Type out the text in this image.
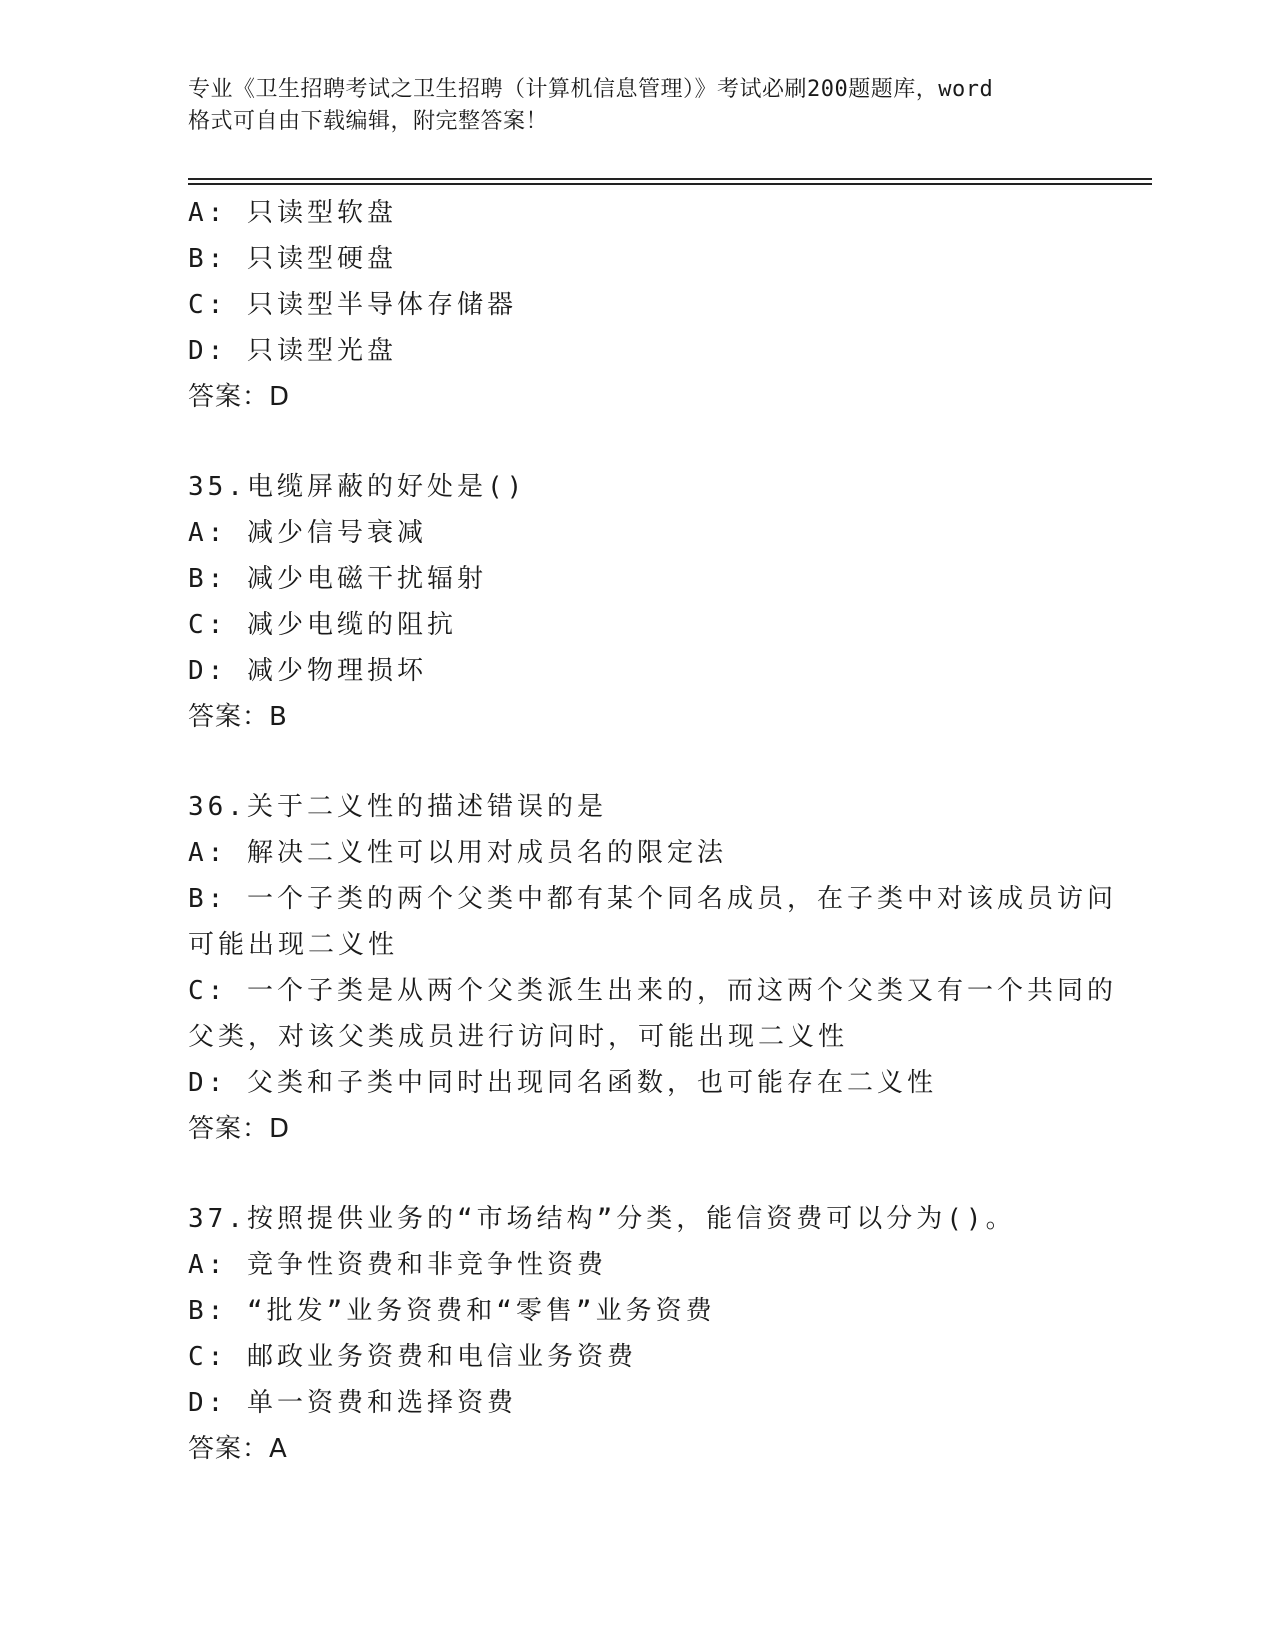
专业《卫生招聘考试之卫生招聘（计算机信息管理）》考试必刷200题题库，word
格式可自由下载编辑，附完整答案！
A: 只读型软盘
B: 只读型硬盘
C: 只读型半导体存储器
D: 只读型光盘
答案：D
35.电缆屏蔽的好处是()
A: 减少信号衰减
B: 减少电磁干扰辐射
C: 减少电缆的阻抗
D: 减少物理损坏
答案：B
36.关于二义性的描述错误的是
A: 解决二义性可以用对成员名的限定法
B: 一个子类的两个父类中都有某个同名成员，在子类中对该成员访问
可能出现二义性
C: 一个子类是从两个父类派生出来的，而这两个父类又有一个共同的
父类，对该父类成员进行访问时，可能出现二义性
D: 父类和子类中同时出现同名函数，也可能存在二义性
答案：D
37.按照提供业务的“市场结构”分类，能信资费可以分为()。
A: 竞争性资费和非竞争性资费
B: “批发”业务资费和“零售”业务资费
C: 邮政业务资费和电信业务资费
D: 单一资费和选择资费
答案：A
